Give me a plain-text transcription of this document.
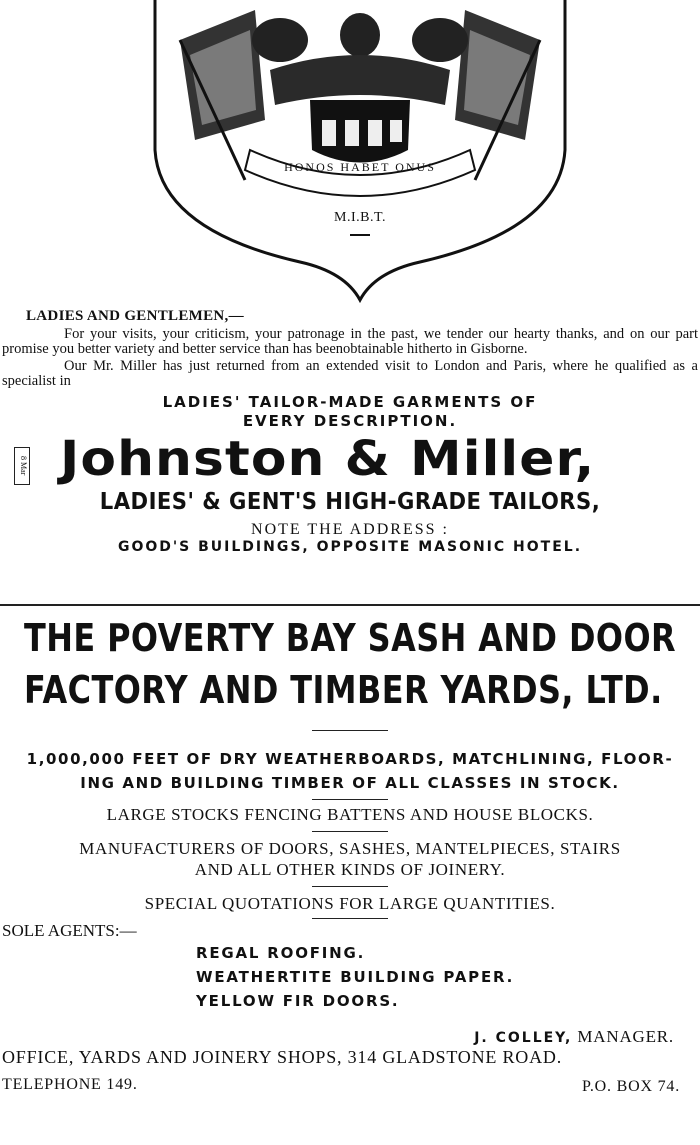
HONOS HABET ONUS
M.I.B.T.
LADIES AND GENTLEMEN,—

For your visits, your criticism, your patronage in the past, we tender our hearty thanks, and on our part promise you better variety and better service than has beenobtainable hitherto in Gisborne.

Our Mr. Miller has just returned from an extended visit to London and Paris, where he qualified as a specialist in

LADIES' TAILOR-MADE GARMENTS OF
EVERY DESCRIPTION.
8 Mar Johnston & Miller,
LADIES' & GENT'S HIGH-GRADE TAILORS,
NOTE THE ADDRESS :
GOOD'S BUILDINGS, OPPOSITE MASONIC HOTEL.
THE POVERTY BAY SASH AND DOOR
FACTORY AND TIMBER YARDS, LTD.
1,000,000 FEET OF DRY WEATHERBOARDS, MATCHLINING, FLOOR-
ING AND BUILDING TIMBER OF ALL CLASSES IN STOCK.
LARGE STOCKS FENCING BATTENS AND HOUSE BLOCKS.
MANUFACTURERS OF DOORS, SASHES, MANTELPIECES, STAIRS
AND ALL OTHER KINDS OF JOINERY.
SPECIAL QUOTATIONS FOR LARGE QUANTITIES.
SOLE AGENTS:—
REGAL ROOFING.
WEATHERTITE BUILDING PAPER.
YELLOW FIR DOORS.
J. COLLEY, MANAGER.
OFFICE, YARDS AND JOINERY SHOPS, 314 GLADSTONE ROAD.
TELEPHONE 149.	P.O. BOX 74.
